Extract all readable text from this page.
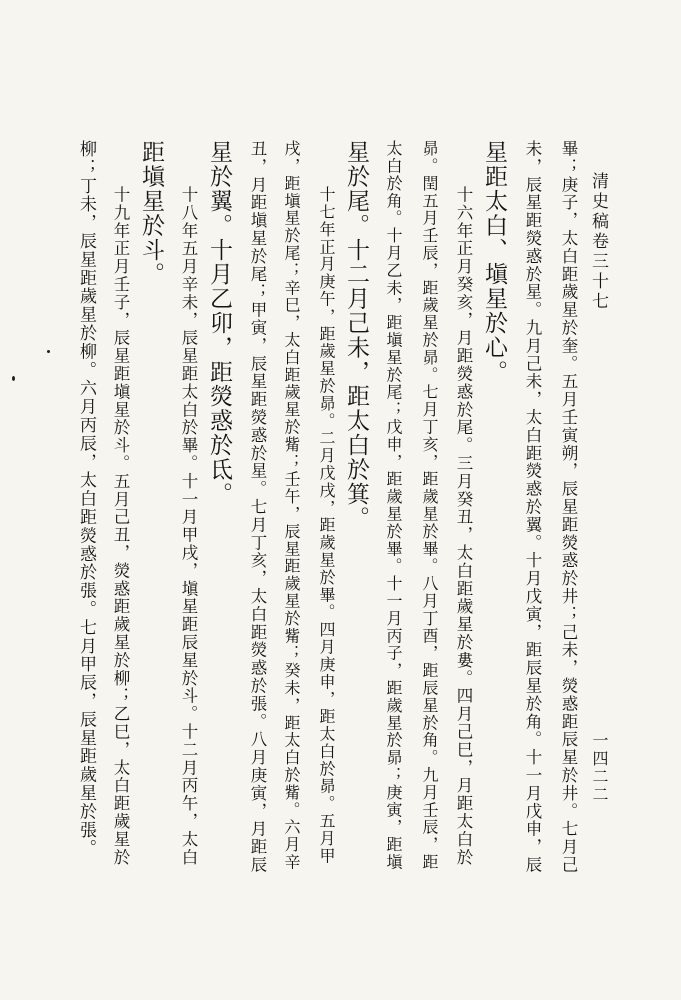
清史稿卷三十七
一四二二
畢；庚子，太白距歲星於奎。五月壬寅朔，辰星距熒惑於井；己未，熒惑距辰星於井。七月己
未，辰星距熒惑於星。九月己未，太白距熒惑於翼。十月戊寅，距辰星於角。十一月戊申，辰
星距太白、塡星於心。
十六年正月癸亥，月距熒惑於尾。三月癸丑，太白距歲星於婁。四月己巳，月距太白於
昴。閏五月壬辰，距歲星於昴。七月丁亥，距歲星於畢。八月丁酉，距辰星於角。九月壬辰，距
太白於角。十月乙未，距塡星於尾；戊申，距歲星於畢。十一月丙子，距歲星於昴；庚寅，距塡
星於尾。十二月己未，距太白於箕。
十七年正月庚午，距歲星於昴。二月戊戌，距歲星於畢。四月庚申，距太白於昴。五月甲
戌，距塡星於尾；辛巳，太白距歲星於觜；壬午，辰星距歲星於觜；癸未，距太白於觜。六月辛
丑，月距塡星於尾；甲寅，辰星距熒惑於星。七月丁亥，太白距熒惑於張。八月庚寅，月距辰
星於翼。十月乙卯，距熒惑於氐。
十八年五月辛未，辰星距太白於畢。十一月甲戌，塡星距辰星於斗。十二月丙午，太白
距塡星於斗。
十九年正月壬子，辰星距塡星於斗。五月己丑，熒惑距歲星於柳；乙巳，太白距歲星於
柳；丁未，辰星距歲星於柳。六月丙辰，太白距熒惑於張。七月甲辰，辰星距歲星於張。
